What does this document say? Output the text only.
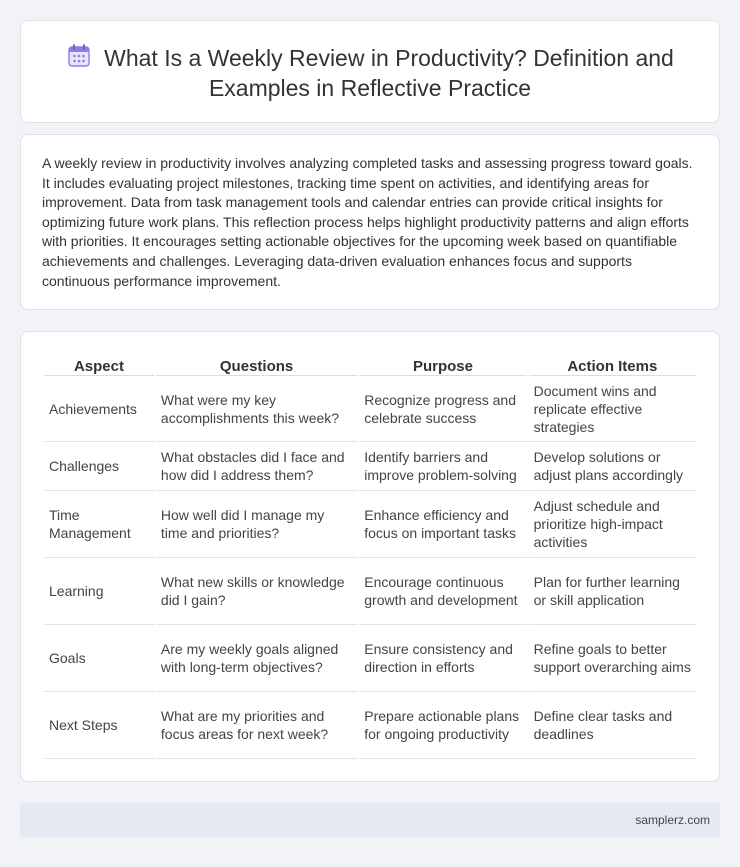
What Is a Weekly Review in Productivity? Definition and Examples in Reflective Practice

A weekly review in productivity involves analyzing completed tasks and assessing progress toward goals. It includes evaluating project milestones, tracking time spent on activities, and identifying areas for improvement. Data from task management tools and calendar entries can provide critical insights for optimizing future work plans. This reflection process helps highlight productivity patterns and align efforts with priorities. It encourages setting actionable objectives for the upcoming week based on quantifiable achievements and challenges. Leveraging data-driven evaluation enhances focus and supports continuous performance improvement.

Aspect	Questions	Purpose	Action Items
Achievements	What were my key accomplishments this week?	Recognize progress and celebrate success	Document wins and replicate effective strategies
Challenges	What obstacles did I face and how did I address them?	Identify barriers and improve problem-solving	Develop solutions or adjust plans accordingly
Time Management	How well did I manage my time and priorities?	Enhance efficiency and focus on important tasks	Adjust schedule and prioritize high-impact activities
Learning	What new skills or knowledge did I gain?	Encourage continuous growth and development	Plan for further learning or skill application
Goals	Are my weekly goals aligned with long-term objectives?	Ensure consistency and direction in efforts	Refine goals to better support overarching aims
Next Steps	What are my priorities and focus areas for next week?	Prepare actionable plans for ongoing productivity	Define clear tasks and deadlines
samplerz.com
